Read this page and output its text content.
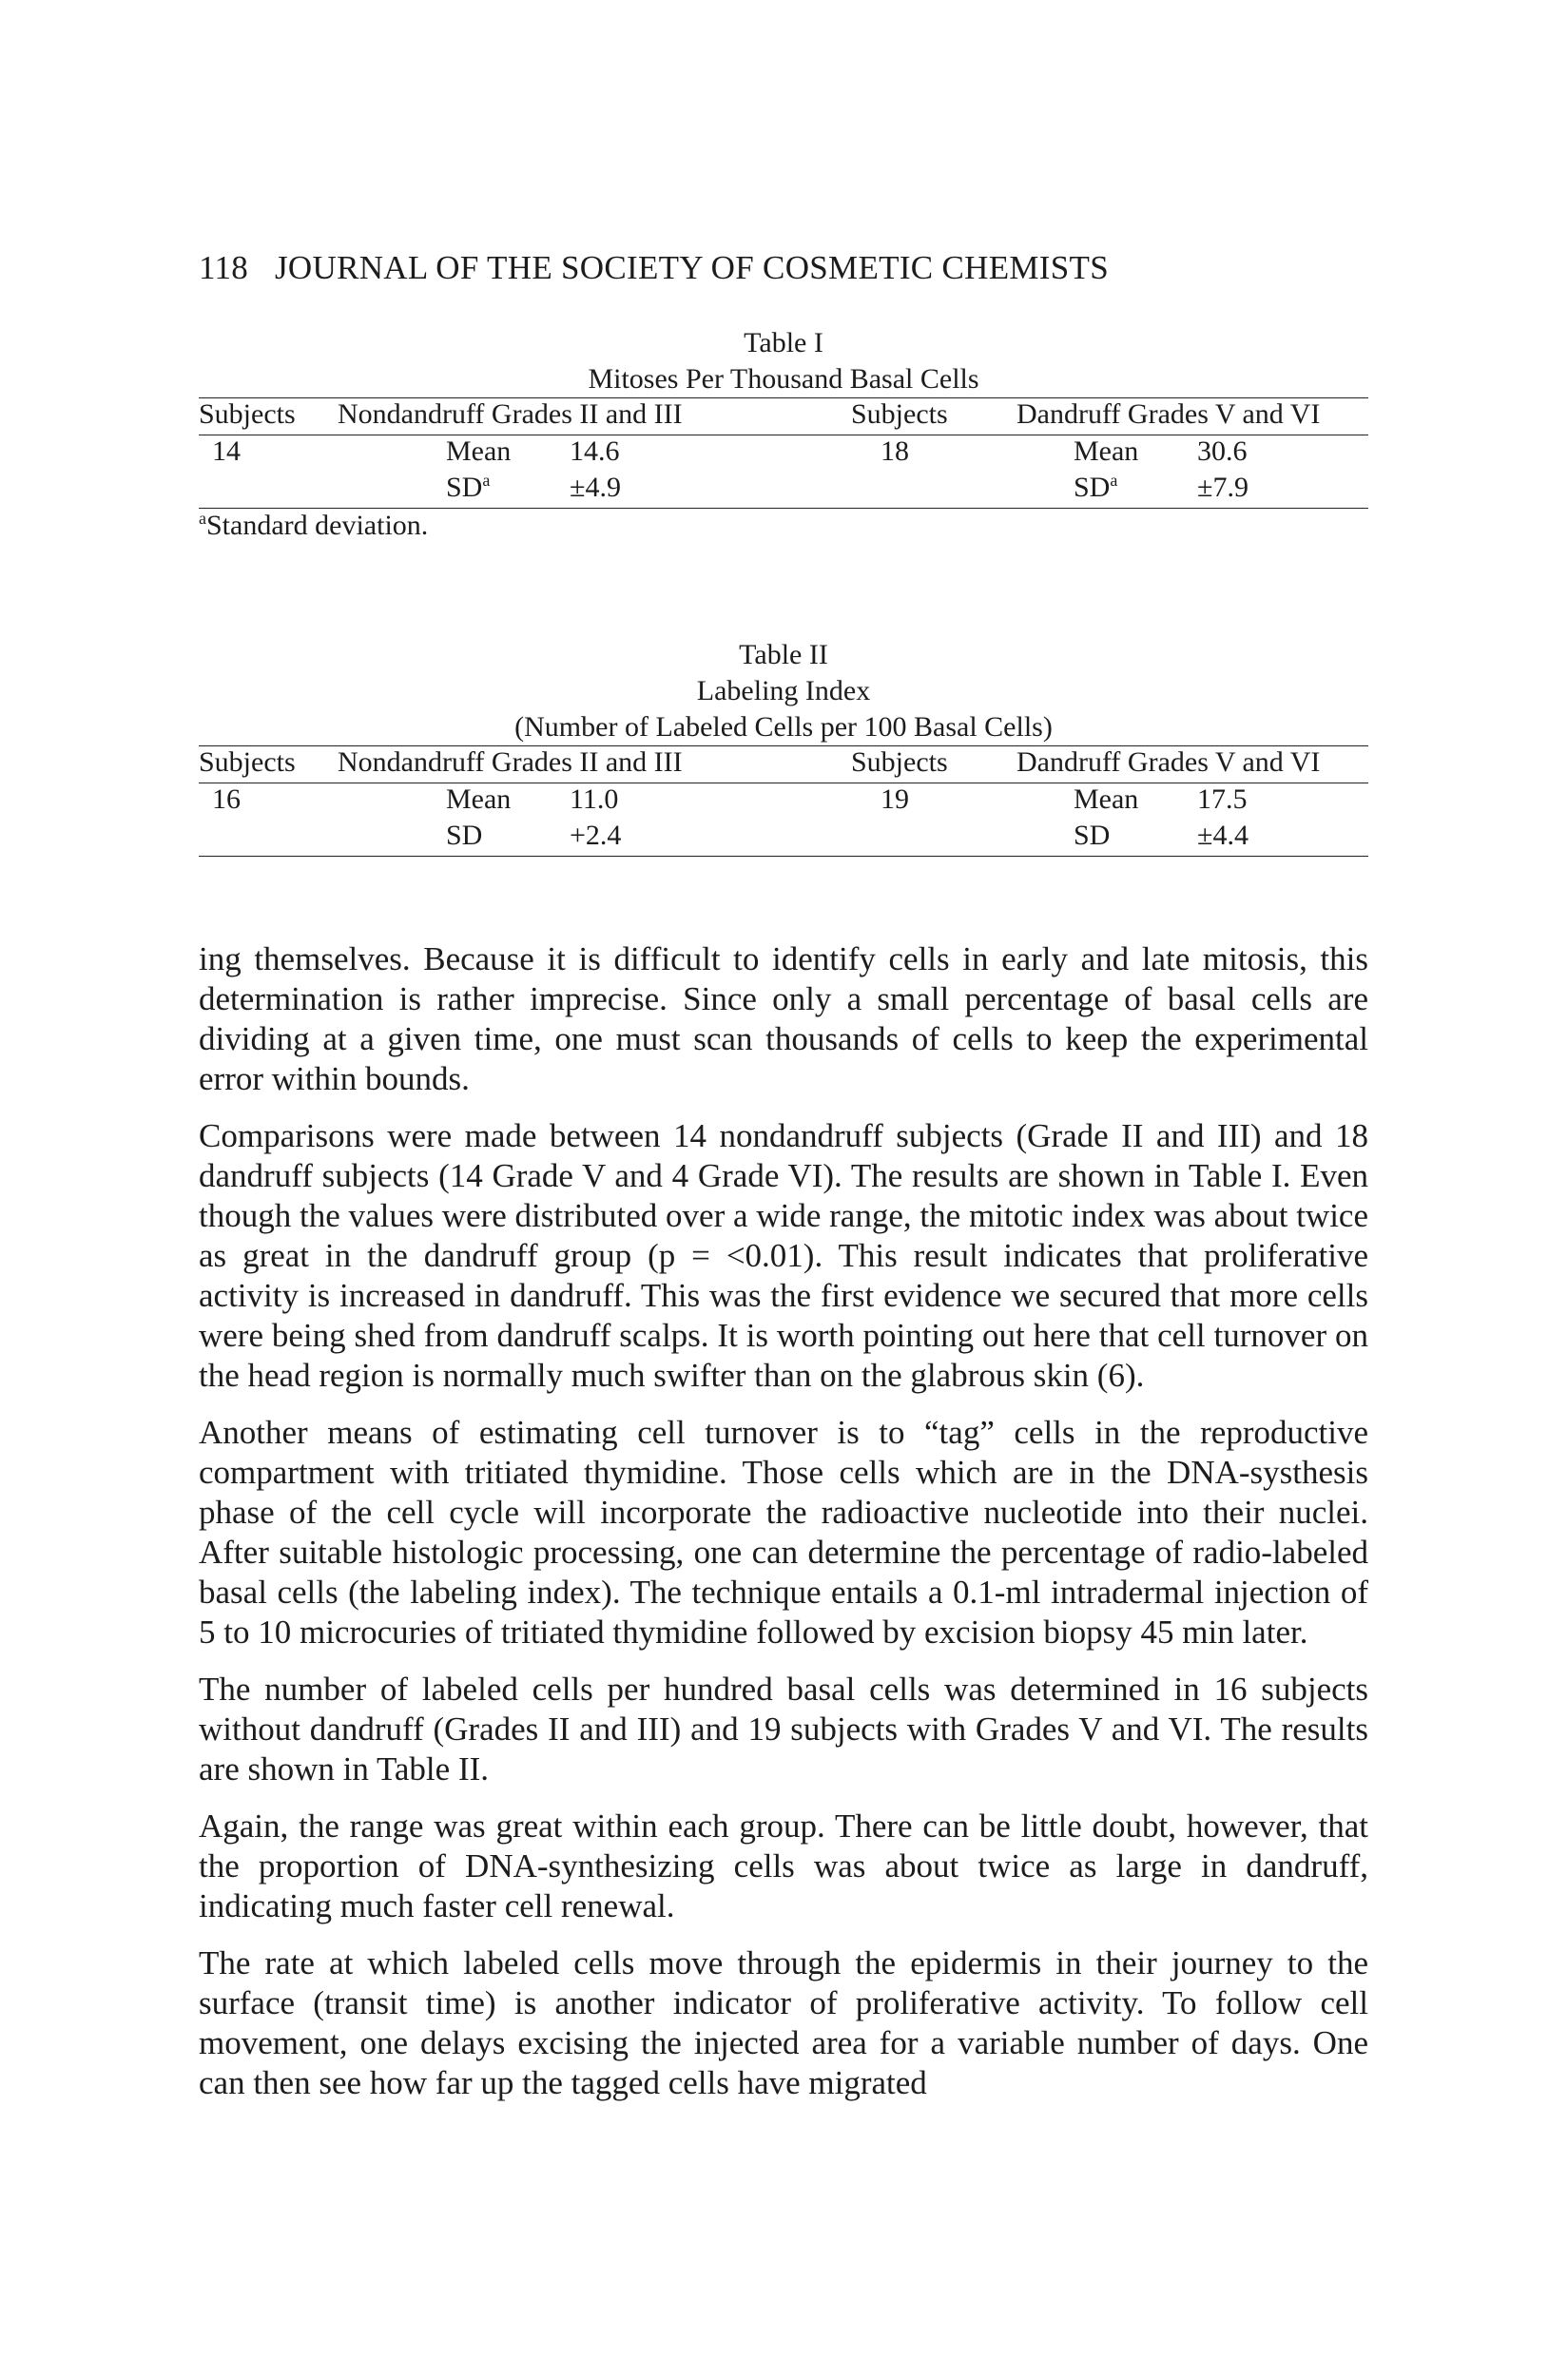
118 JOURNAL OF THE SOCIETY OF COSMETIC CHEMISTS
Table I
Mitoses Per Thousand Basal Cells
Subjects Nondandruff Grades II and III	Subjects Dandruff Grades V and VI
14	Mean 14.6	18	Mean 30.6
$SD^a$	±4.9	$SD^a$	±7.9
$^a$Standard deviation.
Table II
Labeling Index
(Number of Labeled Cells per 100 Basal Cells)
Subjects Nondandruff Grades II and III	Subjects Dandruff Grades V and VI
16	Mean 11.0	19	Mean 17.5
SD	+2.4	SD	±4.4

ing themselves. Because it is difficult to identify cells in early and late mitosis, this determination is rather imprecise. Since only a small percentage of basal cells are dividing at a given time, one must scan thousands of cells to keep the experimental error within bounds.

Comparisons were made between 14 nondandruff subjects (Grade II and III) and 18 dandruff subjects (14 Grade V and 4 Grade VI). The results are shown in Table I. Even though the values were distributed over a wide range, the mitotic index was about twice as great in the dandruff group (p = <0.01). This result indicates that proliferative activity is increased in dandruff. This was the first evidence we secured that more cells were being shed from dandruff scalps. It is worth pointing out here that cell turnover on the head region is normally much swifter than on the glabrous skin (6).

Another means of estimating cell turnover is to “tag” cells in the reproductive compartment with tritiated thymidine. Those cells which are in the DNA-systhesis phase of the cell cycle will incorporate the radioactive nucleotide into their nuclei. After suitable histologic processing, one can determine the percentage of radio-labeled basal cells (the labeling index). The technique entails a 0.1-ml intradermal injection of 5 to 10 microcuries of tritiated thymidine followed by excision biopsy 45 min later.

The number of labeled cells per hundred basal cells was determined in 16 subjects without dandruff (Grades II and III) and 19 subjects with Grades V and VI. The results are shown in Table II.

Again, the range was great within each group. There can be little doubt, however, that the proportion of DNA-synthesizing cells was about twice as large in dandruff, indicating much faster cell renewal.

The rate at which labeled cells move through the epidermis in their journey to the surface (transit time) is another indicator of proliferative activity. To follow cell movement, one delays excising the injected area for a variable number of days. One can then see how far up the tagged cells have migrated
